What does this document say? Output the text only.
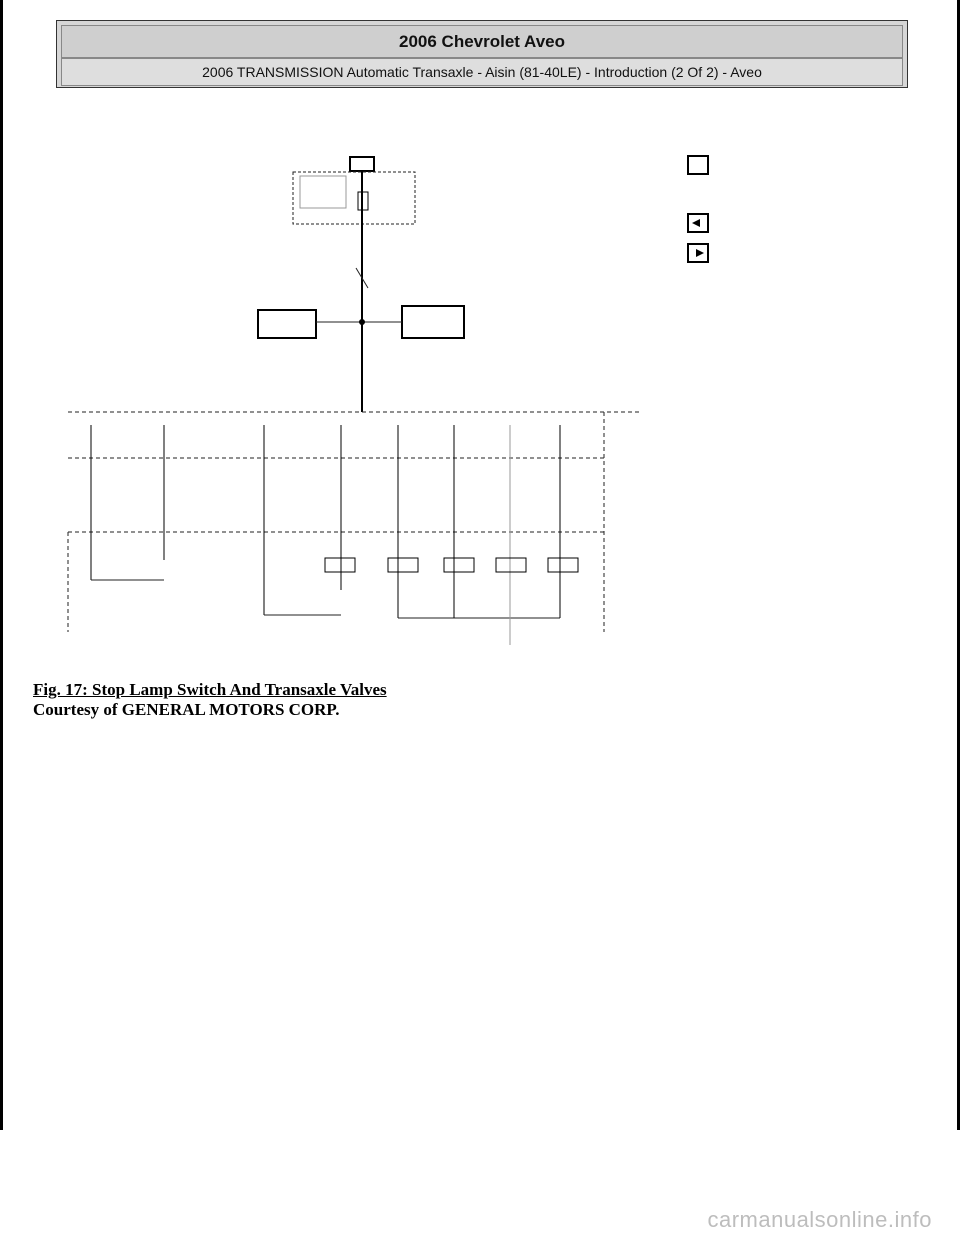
2006 Chevrolet Aveo
2006 TRANSMISSION Automatic Transaxle - Aisin (81-40LE) - Introduction (2 Of 2) - Aveo
Fig. 17: Stop Lamp Switch And Transaxle Valves
Courtesy of GENERAL MOTORS CORP.
carmanualsonline.info
